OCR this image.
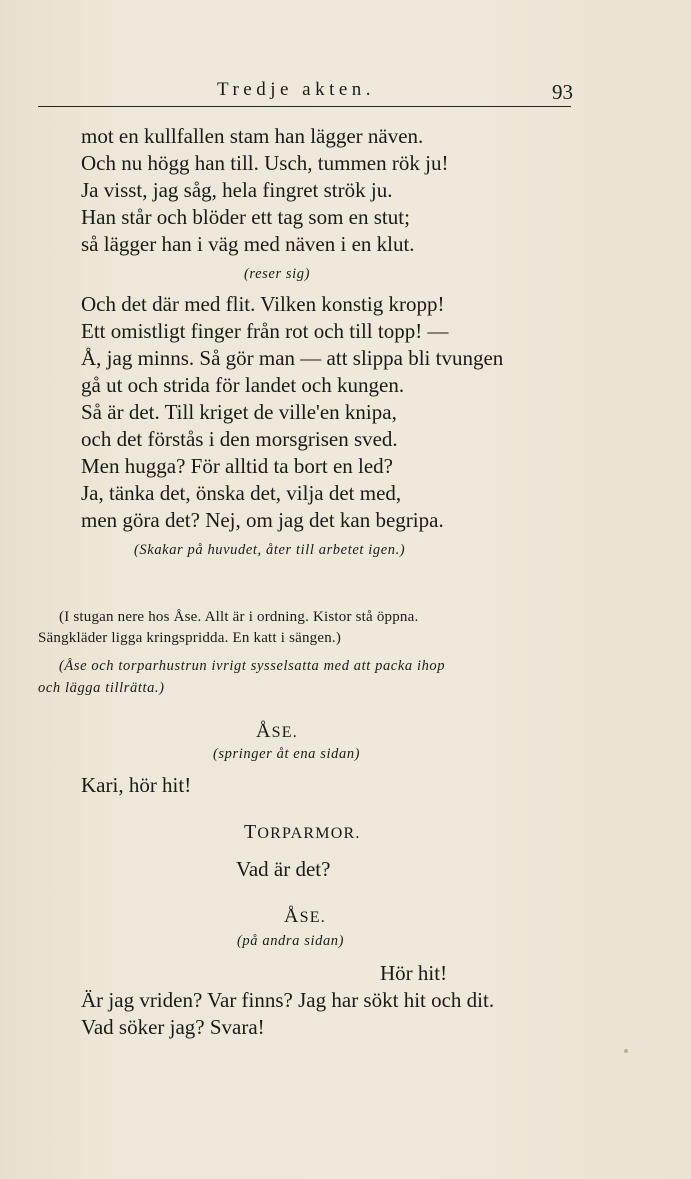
Tredje akten.	93
mot en kullfallen stam han lägger näven.
Och nu högg han till. Usch, tummen rök ju!
Ja visst, jag såg, hela fingret strök ju.
Han står och blöder ett tag som en stut;
så lägger han i väg med näven i en klut.
(reser sig)
Och det där med flit. Vilken konstig kropp!
Ett omistligt finger från rot och till topp! —
Å, jag minns. Så gör man — att slippa bli tvungen
gå ut och strida för landet och kungen.
Så är det. Till kriget de ville'en knipa,
och det förstås i den morsgrisen sved.
Men hugga? För alltid ta bort en led?
Ja, tänka det, önska det, vilja det med,
men göra det? Nej, om jag det kan begripa.
(Skakar på huvudet, åter till arbetet igen.)
(I stugan nere hos Åse. Allt är i ordning. Kistor stå öppna.
Sängkläder ligga kringspridda. En katt i sängen.)
(Åse och torparhustrun ivrigt sysselsatta med att packa ihop
och lägga tillrätta.)
ÅSE.
(springer åt ena sidan)
Kari, hör hit!
TORPARMOR.
Vad är det?
ÅSE.
(på andra sidan)
Hör hit!
Är jag vriden? Var finns? Jag har sökt hit och dit.
Vad söker jag? Svara!
